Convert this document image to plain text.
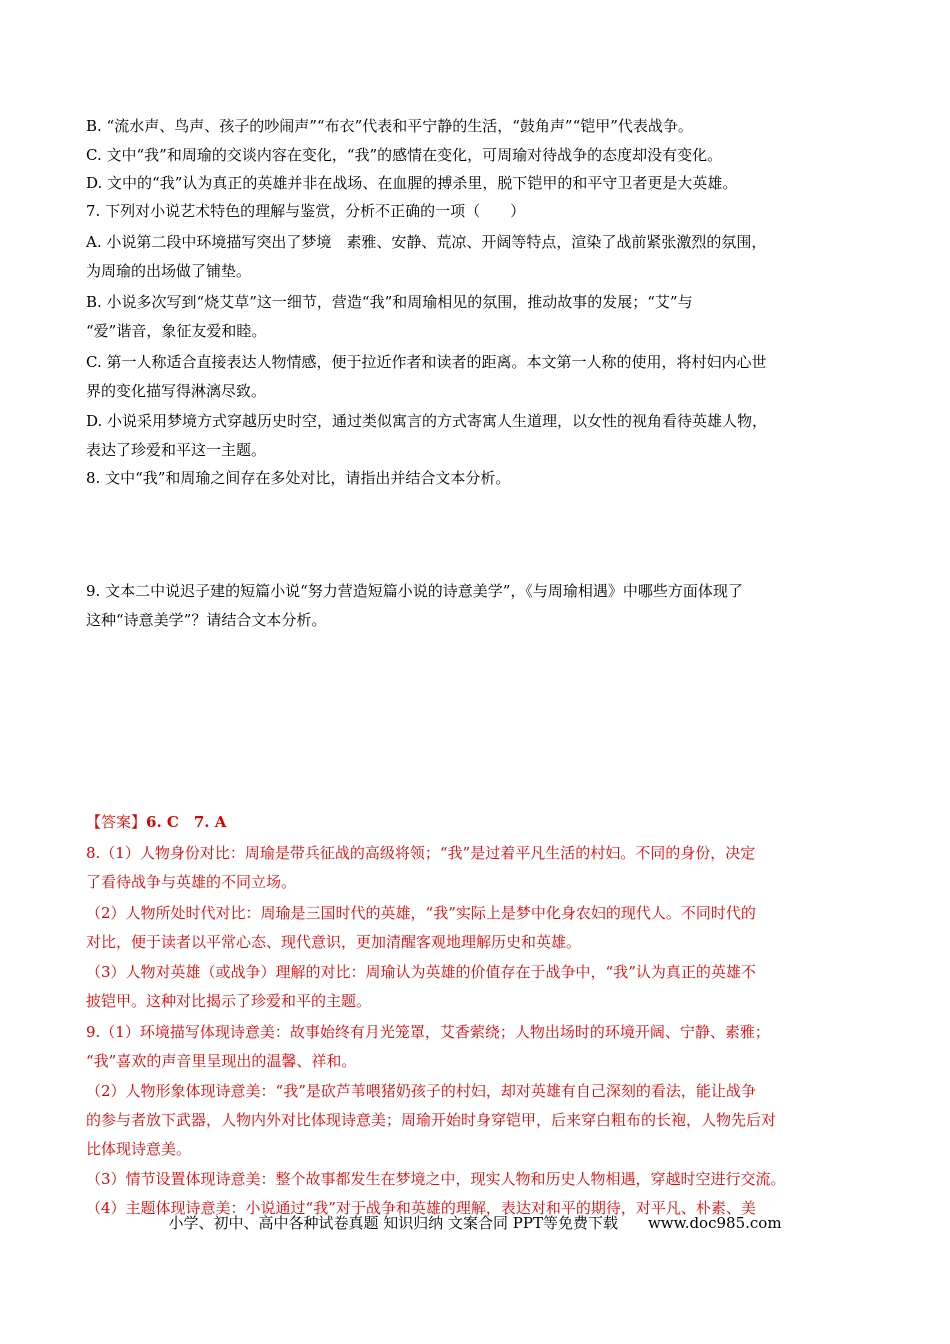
B. “流水声、鸟声、孩子的吵闹声”“布衣”代表和平宁静的生活，“鼓角声”“铠甲”代表战争。
C. 文中“我”和周瑜的交谈内容在变化，“我”的感情在变化，可周瑜对待战争的态度却没有变化。
D. 文中的“我”认为真正的英雄并非在战场、在血腥的搏杀里，脱下铠甲的和平守卫者更是大英雄。
7. 下列对小说艺术特色的理解与鉴赏，分析不正确的一项（　　）
A. 小说第二段中环境描写突出了梦境　素雅、安静、荒凉、开阔等特点，渲染了战前紧张激烈的氛围，
为周瑜的出场做了铺垫。
B. 小说多次写到“烧艾草”这一细节，营造“我”和周瑜相见的氛围，推动故事的发展；“艾”与
“爱”谐音，象征友爱和睦。
C. 第一人称适合直接表达人物情感，便于拉近作者和读者的距离。本文第一人称的使用，将村妇内心世
界的变化描写得淋漓尽致。
D. 小说采用梦境方式穿越历史时空，通过类似寓言的方式寄寓人生道理，以女性的视角看待英雄人物，
表达了珍爱和平这一主题。
8. 文中“我”和周瑜之间存在多处对比，请指出并结合文本分析。
9. 文本二中说迟子建的短篇小说“努力营造短篇小说的诗意美学”，《与周瑜相遇》中哪些方面体现了
这种“诗意美学”？请结合文本分析。
【答案】6. C　7. A
8.（1）人物身份对比：周瑜是带兵征战的高级将领；“我”是过着平凡生活的村妇。不同的身份，决定
了看待战争与英雄的不同立场。
（2）人物所处时代对比：周瑜是三国时代的英雄，“我”实际上是梦中化身农妇的现代人。不同时代的
对比，便于读者以平常心态、现代意识，更加清醒客观地理解历史和英雄。
（3）人物对英雄（或战争）理解的对比：周瑜认为英雄的价值存在于战争中，“我”认为真正的英雄不
披铠甲。这种对比揭示了珍爱和平的主题。
9.（1）环境描写体现诗意美：故事始终有月光笼罩，艾香萦绕；人物出场时的环境开阔、宁静、素雅；
“我”喜欢的声音里呈现出的温馨、祥和。
（2）人物形象体现诗意美：“我”是砍芦苇喂猪奶孩子的村妇，却对英雄有自己深刻的看法，能让战争
的参与者放下武器，人物内外对比体现诗意美；周瑜开始时身穿铠甲，后来穿白粗布的长袍，人物先后对
比体现诗意美。
（3）情节设置体现诗意美：整个故事都发生在梦境之中，现实人物和历史人物相遇，穿越时空进行交流。
（4）主题体现诗意美：小说通过“我”对于战争和英雄的理解，表达对和平的期待，对平凡、朴素、美
小学、初中、高中各种试卷真题 知识归纳 文案合同 PPT等免费下载　　www.doc985.com
